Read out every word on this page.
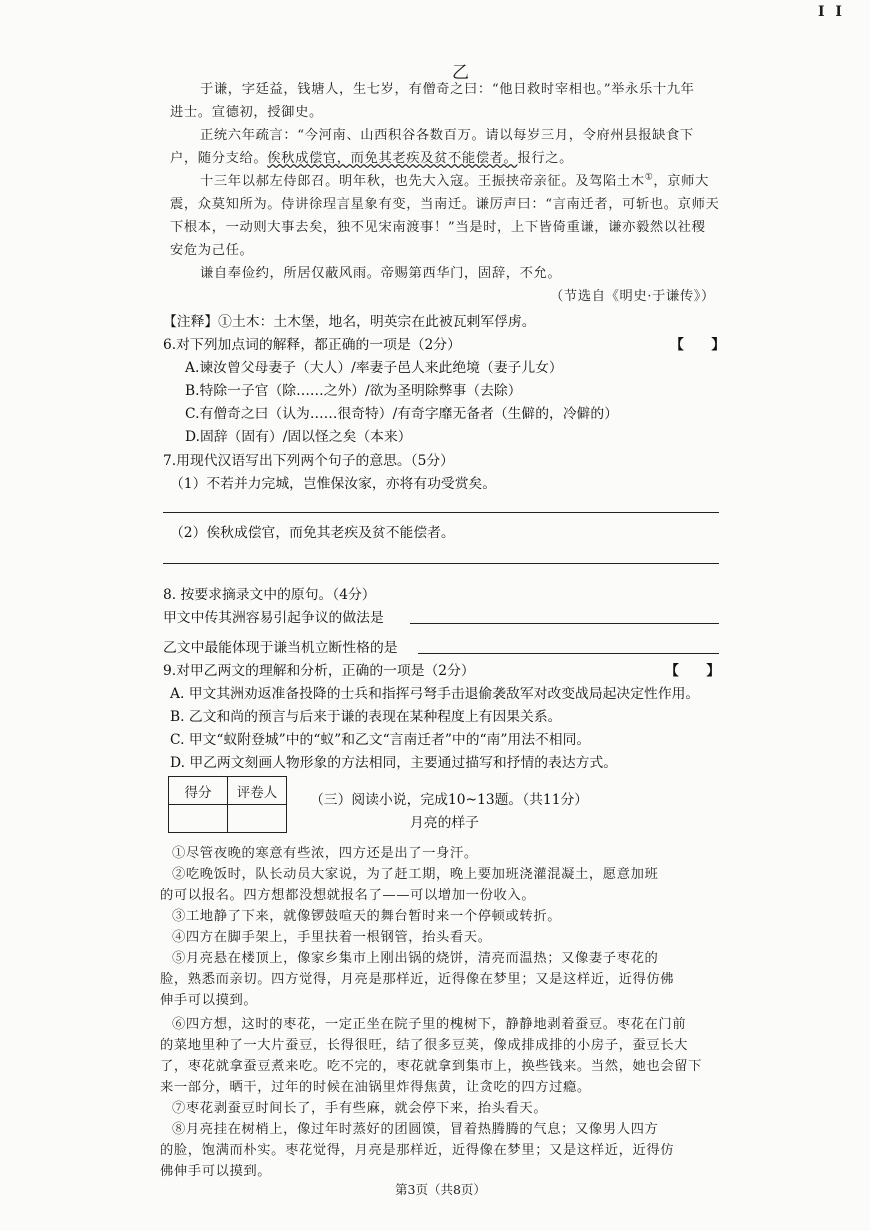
I I
乙
于谦，字廷益，钱塘人，生七岁，有僧奇之曰：“他日救时宰相也。”举永乐十九年
进士。宣德初，授御史。
正统六年疏言：“今河南、山西积谷各数百万。请以每岁三月，令府州县报缺食下
户，随分支给。俟秋成偿官，而免其老疾及贫不能偿者。报行之。
十三年以郝左侍郎召。明年秋，也先大入寇。王振挟帝亲征。及驾陷土木①，京师大
震，众莫知所为。侍讲徐珵言星象有变，当南迁。谦厉声曰：“言南迁者，可斩也。京师天
下根本，一动则大事去矣，独不见宋南渡事！”当是时，上下皆倚重谦，谦亦毅然以社稷
安危为己任。
谦自奉俭约，所居仅蔽风雨。帝赐第西华门，固辞，不允。
（节选自《明史·于谦传》）
【注释】①土木：土木堡，地名，明英宗在此被瓦剌军俘虏。
6.对下列加点词的解释，都正确的一项是（2分）	【　　】
A.谏汝曾父母妻子（大人）/率妻子邑人来此绝境（妻子儿女）
B.特除一子官（除……之外）/欲为圣明除弊事（去除）
C.有僧奇之曰（认为……很奇特）/有奇字靡无备者（生僻的，冷僻的）
D.固辞（固有）/固以怪之矣（本来）
7.用现代汉语写出下列两个句子的意思。（5分）
（1）不若并力完城，岂惟保汝家，亦将有功受赏矣。
（2）俟秋成偿官，而免其老疾及贫不能偿者。
8. 按要求摘录文中的原句。（4分）
甲文中传其洲容易引起争议的做法是
乙文中最能体现于谦当机立断性格的是
9.对甲乙两文的理解和分析，正确的一项是（2分）	【　　】
A. 甲文其洲劝返准备投降的士兵和指挥弓弩手击退偷袭敌军对改变战局起决定性作用。
B. 乙文和尚的预言与后来于谦的表现在某种程度上有因果关系。
C. 甲文“蚁附登城”中的“蚁”和乙文“言南迁者”中的“南”用法不相同。
D. 甲乙两文刻画人物形象的方法相同，主要通过描写和抒情的表达方式。
得分	评卷人
	（三）阅读小说，完成10~13题。（共11分）
月亮的样子
①尽管夜晚的寒意有些浓，四方还是出了一身汗。
②吃晚饭时，队长动员大家说，为了赶工期，晚上要加班浇灌混凝土，愿意加班
的可以报名。四方想都没想就报名了——可以增加一份收入。
③工地静了下来，就像锣鼓喧天的舞台暂时来一个停顿或转折。
④四方在脚手架上，手里扶着一根钢管，抬头看天。
⑤月亮悬在楼顶上，像家乡集市上刚出锅的烧饼，清亮而温热；又像妻子枣花的
脸，熟悉而亲切。四方觉得，月亮是那样近，近得像在梦里；又是这样近，近得仿佛
伸手可以摸到。
⑥四方想，这时的枣花，一定正坐在院子里的槐树下，静静地剥着蚕豆。枣花在门前
的菜地里种了一大片蚕豆，长得很旺，结了很多豆荚，像成排成排的小房子，蚕豆长大
了，枣花就拿蚕豆煮来吃。吃不完的，枣花就拿到集市上，换些钱来。当然，她也会留下
来一部分，晒干，过年的时候在油锅里炸得焦黄，让贪吃的四方过瘾。
⑦枣花剥蚕豆时间长了，手有些麻，就会停下来，抬头看天。
⑧月亮挂在树梢上，像过年时蒸好的团圆馍，冒着热腾腾的气息；又像男人四方
的脸，饱满而朴实。枣花觉得，月亮是那样近，近得像在梦里；又是这样近，近得仿
佛伸手可以摸到。
第3页（共8页）
